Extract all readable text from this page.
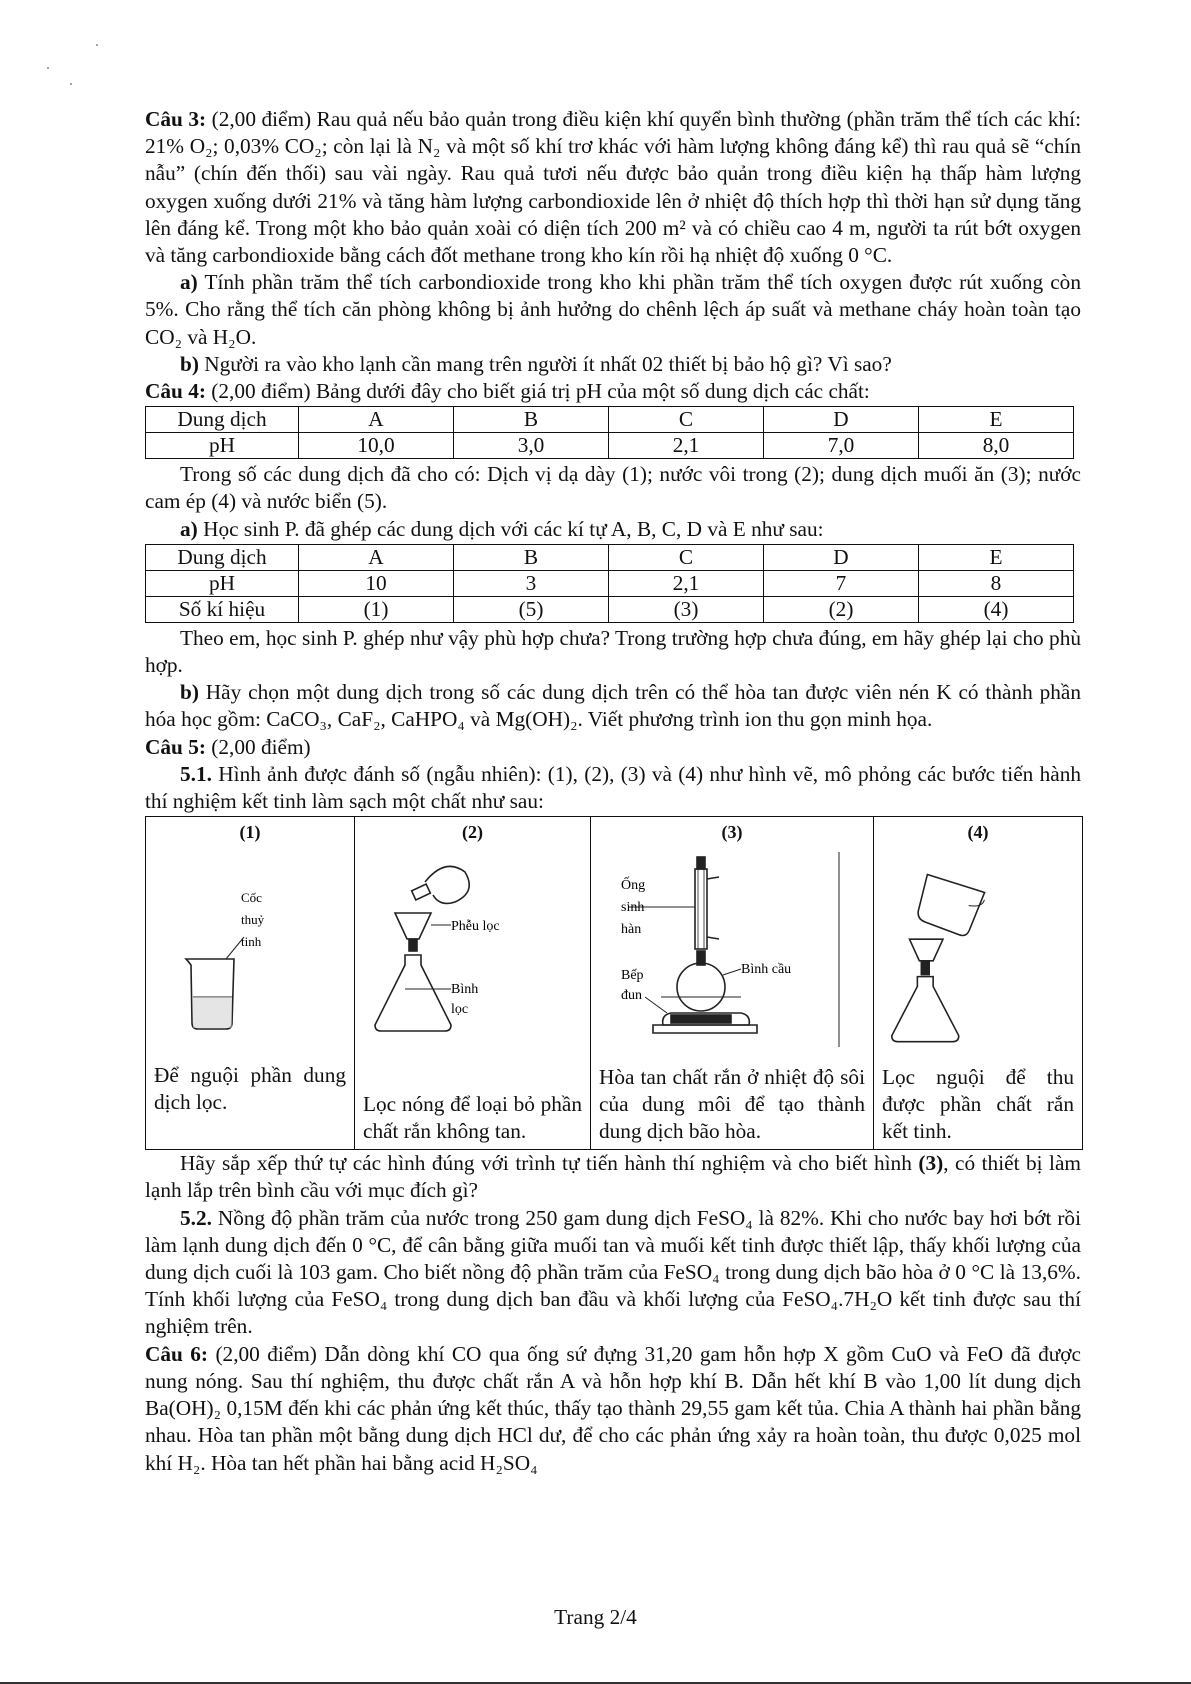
Câu 3: (2,00 điểm) Rau quả nếu bảo quản trong điều kiện khí quyển bình thường (phần trăm thể tích các khí: 21% O₂; 0,03% CO₂; còn lại là N₂ và một số khí trơ khác với hàm lượng không đáng kể) thì rau quả sẽ “chín nẫu” (chín đến thối) sau vài ngày. Rau quả tươi nếu được bảo quản trong điều kiện hạ thấp hàm lượng oxygen xuống dưới 21% và tăng hàm lượng carbondioxide lên ở nhiệt độ thích hợp thì thời hạn sử dụng tăng lên đáng kể. Trong một kho bảo quản xoài có diện tích 200 m² và có chiều cao 4 m, người ta rút bớt oxygen và tăng carbondioxide bằng cách đốt methane trong kho kín rồi hạ nhiệt độ xuống 0 °C.

a) Tính phần trăm thể tích carbondioxide trong kho khi phần trăm thể tích oxygen được rút xuống còn 5%. Cho rằng thể tích căn phòng không bị ảnh hưởng do chênh lệch áp suất và methane cháy hoàn toàn tạo CO₂ và H₂O.

b) Người ra vào kho lạnh cần mang trên người ít nhất 02 thiết bị bảo hộ gì? Vì sao?

Câu 4: (2,00 điểm) Bảng dưới đây cho biết giá trị pH của một số dung dịch các chất:

Dung dịch	A	B	C	D	E
pH	10,0	3,0	2,1	7,0	8,0

Trong số các dung dịch đã cho có: Dịch vị dạ dày (1); nước vôi trong (2); dung dịch muối ăn (3); nước cam ép (4) và nước biển (5).

a) Học sinh P. đã ghép các dung dịch với các kí tự A, B, C, D và E như sau:

Dung dịch	A	B	C	D	E
pH	10	3	2,1	7	8
Số kí hiệu	(1)	(5)	(3)	(2)	(4)

Theo em, học sinh P. ghép như vậy phù hợp chưa? Trong trường hợp chưa đúng, em hãy ghép lại cho phù hợp.

b) Hãy chọn một dung dịch trong số các dung dịch trên có thể hòa tan được viên nén K có thành phần hóa học gồm: CaCO₃, CaF₂, CaHPO₄ và Mg(OH)₂. Viết phương trình ion thu gọn minh họa.

Câu 5: (2,00 điểm)

5.1. Hình ảnh được đánh số (ngẫu nhiên): (1), (2), (3) và (4) như hình vẽ, mô phỏng các bước tiến hành thí nghiệm kết tinh làm sạch một chất như sau:

(1)
Cốc
thuỷ
tinh
Để nguội phần dung dịch lọc.

(2)
Phễu lọc
Bình
lọc
Lọc nóng để loại bỏ phần chất rắn không tan.

(3)
Ống
sinh
hàn
Bếp
đun
Bình cầu
Hòa tan chất rắn ở nhiệt độ sôi của dung môi để tạo thành dung dịch bão hòa.

(4)
Lọc nguội để thu được phần chất rắn kết tinh.

Hãy sắp xếp thứ tự các hình đúng với trình tự tiến hành thí nghiệm và cho biết hình (3), có thiết bị làm lạnh lắp trên bình cầu với mục đích gì?

5.2. Nồng độ phần trăm của nước trong 250 gam dung dịch FeSO₄ là 82%. Khi cho nước bay hơi bớt rồi làm lạnh dung dịch đến 0 °C, để cân bằng giữa muối tan và muối kết tinh được thiết lập, thấy khối lượng của dung dịch cuối là 103 gam. Cho biết nồng độ phần trăm của FeSO₄ trong dung dịch bão hòa ở 0 °C là 13,6%. Tính khối lượng của FeSO₄ trong dung dịch ban đầu và khối lượng của FeSO₄.7H₂O kết tinh được sau thí nghiệm trên.

Câu 6: (2,00 điểm) Dẫn dòng khí CO qua ống sứ đựng 31,20 gam hỗn hợp X gồm CuO và FeO đã được nung nóng. Sau thí nghiệm, thu được chất rắn A và hỗn hợp khí B. Dẫn hết khí B vào 1,00 lít dung dịch Ba(OH)₂ 0,15M đến khi các phản ứng kết thúc, thấy tạo thành 29,55 gam kết tủa. Chia A thành hai phần bằng nhau. Hòa tan phần một bằng dung dịch HCl dư, để cho các phản ứng xảy ra hoàn toàn, thu được 0,025 mol khí H₂. Hòa tan hết phần hai bằng acid H₂SO₄

Trang 2/4
